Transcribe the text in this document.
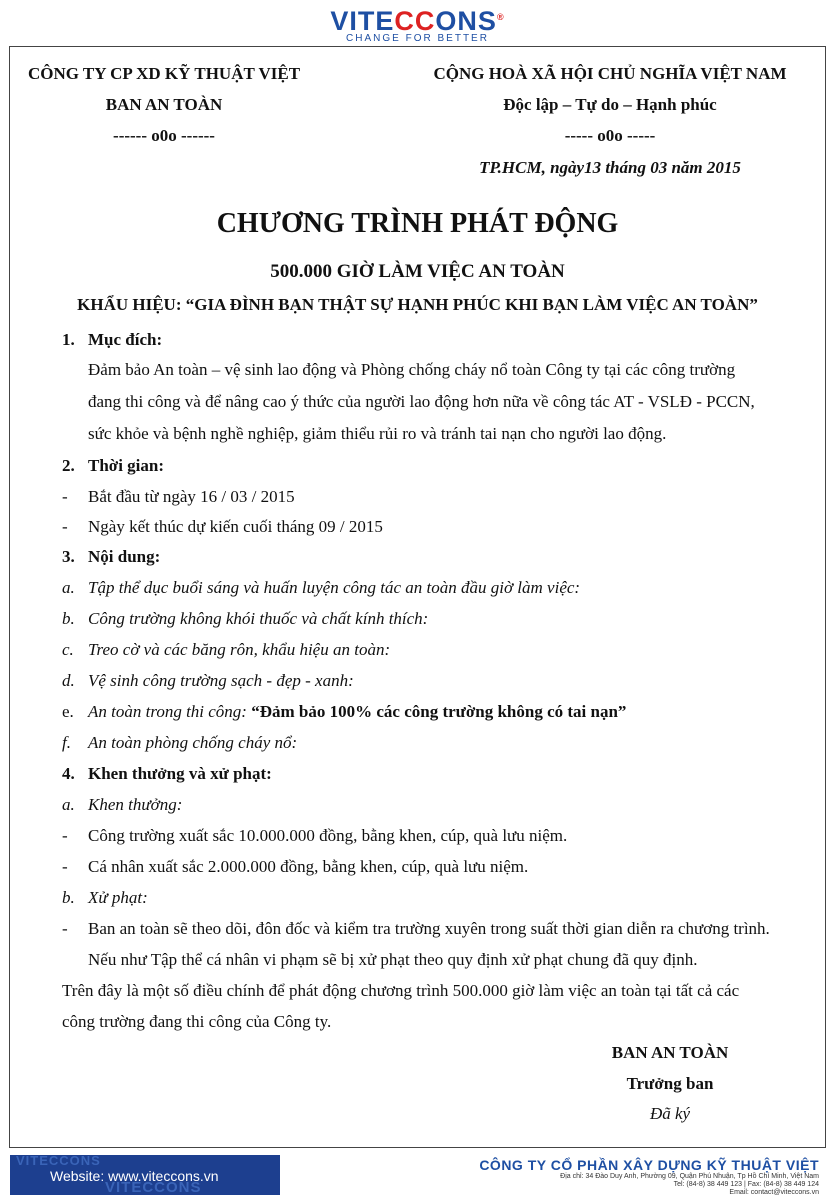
VITECCONS®
CHANGE FOR BETTER
CÔNG TY CP XD KỸ THUẬT VIỆT
BAN AN TOÀN
------ o0o ------
CỘNG HOÀ XÃ HỘI CHỦ NGHĨA VIỆT NAM
Độc lập – Tự do – Hạnh phúc
----- o0o -----
TP.HCM, ngày13 tháng 03 năm 2015
CHƯƠNG TRÌNH PHÁT ĐỘNG
500.000 GIỜ LÀM VIỆC AN TOÀN
KHẨU HIỆU: “GIA ĐÌNH BẠN THẬT SỰ HẠNH PHÚC KHI BẠN LÀM VIỆC AN TOÀN”
1. Mục đích:
Đảm bảo An toàn – vệ sinh lao động và Phòng chống cháy nổ toàn Công ty tại các công trường
đang thi công và để nâng cao ý thức của người lao động hơn nữa về công tác AT - VSLĐ - PCCN,
sức khỏe và bệnh nghề nghiệp, giảm thiểu rủi ro và tránh tai nạn cho người lao động.
2. Thời gian:
- Bắt đầu từ ngày 16 / 03 / 2015
- Ngày kết thúc dự kiến cuối tháng 09 / 2015
3. Nội dung:
a. Tập thể dục buổi sáng và huấn luyện công tác an toàn đầu giờ làm việc:
b. Công trường không khói thuốc và chất kính thích:
c. Treo cờ và các băng rôn, khẩu hiệu an toàn:
d. Vệ sinh công trường sạch - đẹp - xanh:
e. An toàn trong thi công: “Đảm bảo 100% các công trường không có tai nạn”
f. An toàn phòng chống cháy nổ:
4. Khen thưởng và xử phạt:
a. Khen thưởng:
- Công trường xuất sắc 10.000.000 đồng, bằng khen, cúp, quà lưu niệm.
- Cá nhân xuất sắc 2.000.000 đồng, bằng khen, cúp, quà lưu niệm.
b. Xử phạt:
- Ban an toàn sẽ theo dõi, đôn đốc và kiểm tra trường xuyên trong suất thời gian diễn ra chương trình.
Nếu như Tập thể cá nhân vi phạm sẽ bị xử phạt theo quy định xử phạt chung đã quy định.
Trên đây là một số điều chính để phát động chương trình 500.000 giờ làm việc an toàn tại tất cả các
công trường đang thi công của Công ty.
BAN AN TOÀN
Trưởng ban
Đã ký
VITECCONS
VITECCONS
Website: www.viteccons.vn
CÔNG TY CỔ PHẦN XÂY DỰNG KỸ THUẬT VIỆT
Địa chỉ: 34 Đào Duy Anh, Phường 09, Quận Phú Nhuận, Tp Hồ Chí Minh, Việt Nam
Tel: (84-8) 38 449 123 | Fax: (84-8) 38 449 124
Email: contact@viteccons.vn
